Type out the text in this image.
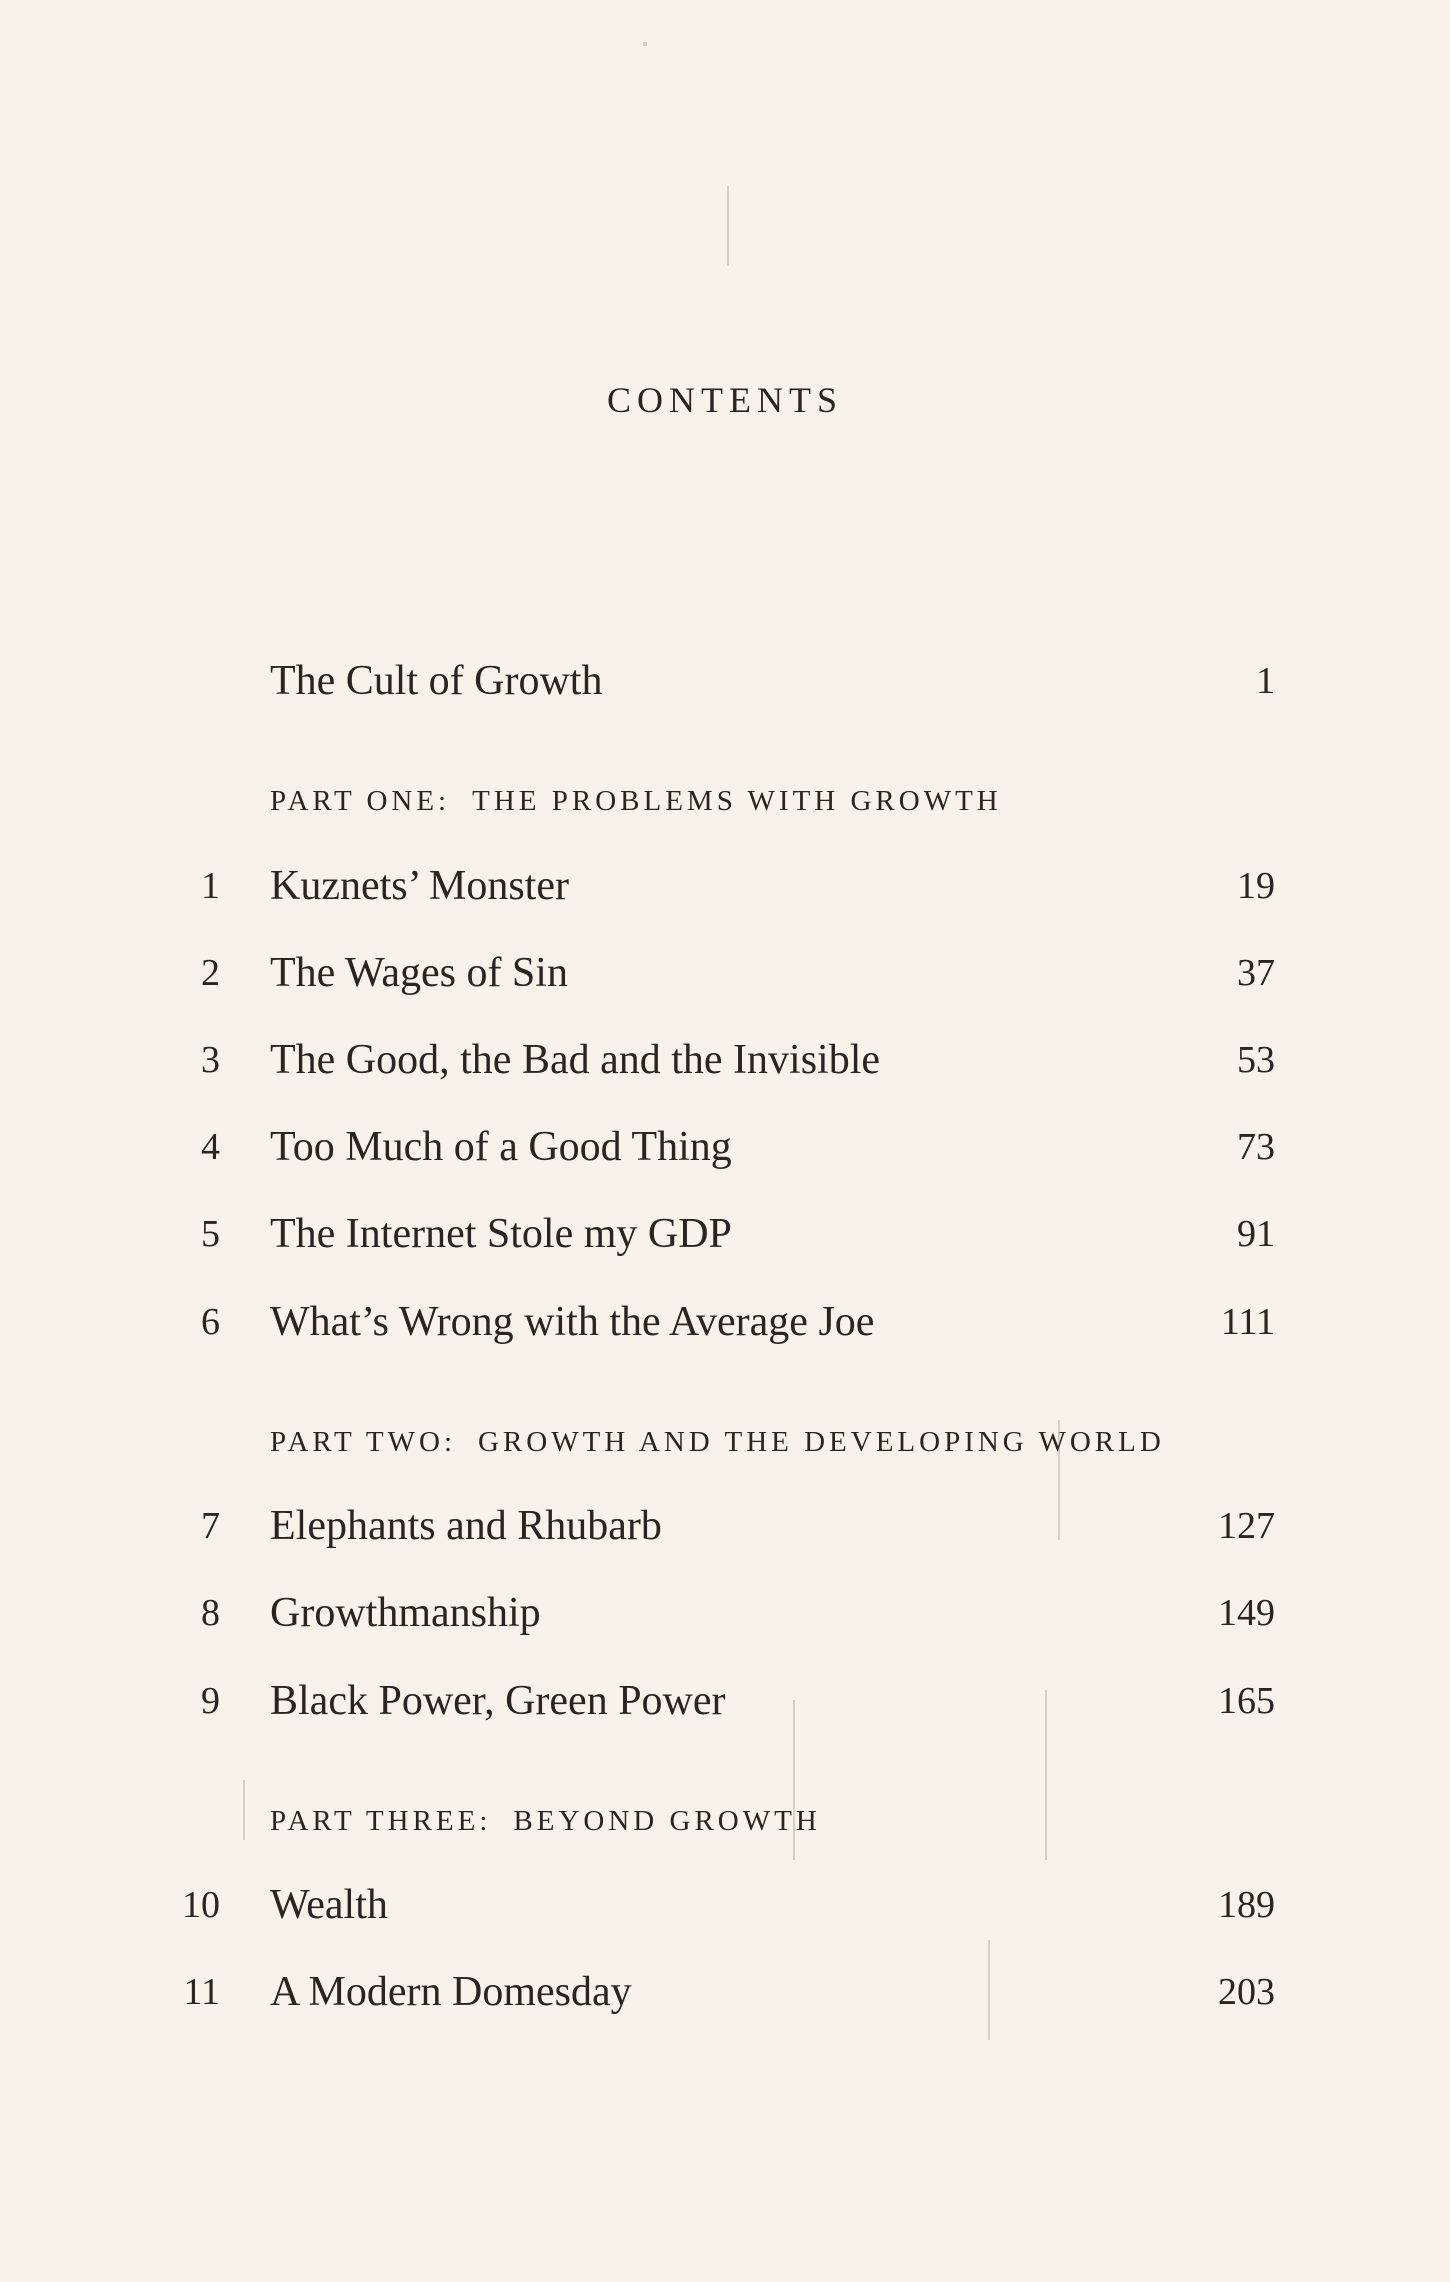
CONTENTS
The Cult of Growth	1
PART ONE: THE PROBLEMS WITH GROWTH
1 Kuznets’ Monster	19
2 The Wages of Sin	37
3 The Good, the Bad and the Invisible	53
4 Too Much of a Good Thing	73
5 The Internet Stole my GDP	91
6 What’s Wrong with the Average Joe	111
PART TWO: GROWTH AND THE DEVELOPING WORLD
7 Elephants and Rhubarb	127
8 Growthmanship	149
9 Black Power, Green Power	165
PART THREE: BEYOND GROWTH
10 Wealth	189
11 A Modern Domesday	203
